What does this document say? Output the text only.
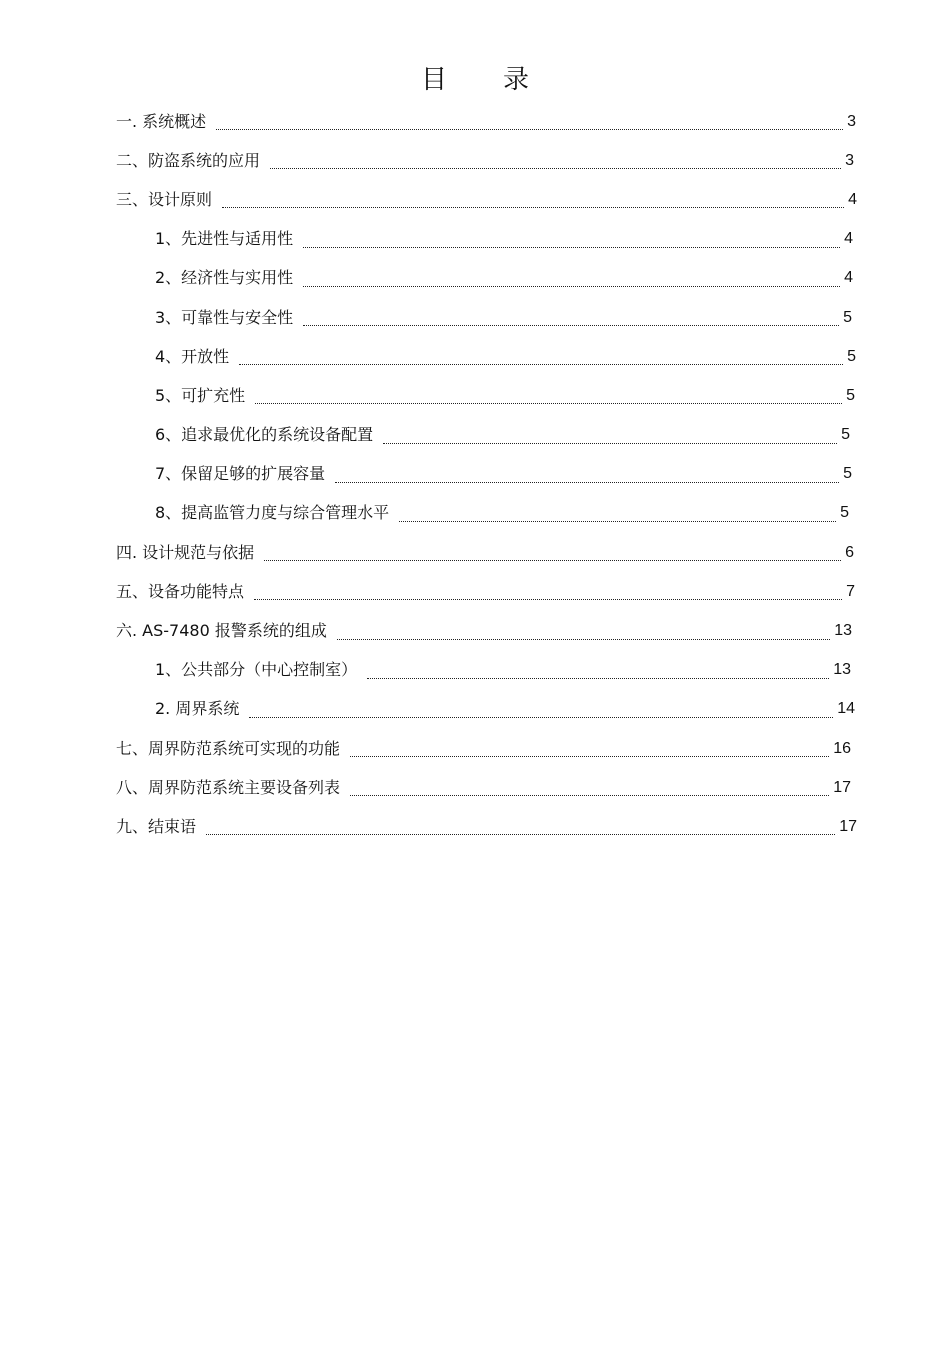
目录
一. 系统概述	3
二、防盗系统的应用	3
三、设计原则	4
1、先进性与适用性	4
2、经济性与实用性	4
3、可靠性与安全性	5
4、开放性	5
5、可扩充性	5
6、追求最优化的系统设备配置	5
7、保留足够的扩展容量	5
8、提高监管力度与综合管理水平	5
四. 设计规范与依据	6
五、设备功能特点	7
六. AS-7480 报警系统的组成	13
1、公共部分（中心控制室）	13
2. 周界系统	14
七、周界防范系统可实现的功能	16
八、周界防范系统主要设备列表	17
九、结束语	17
